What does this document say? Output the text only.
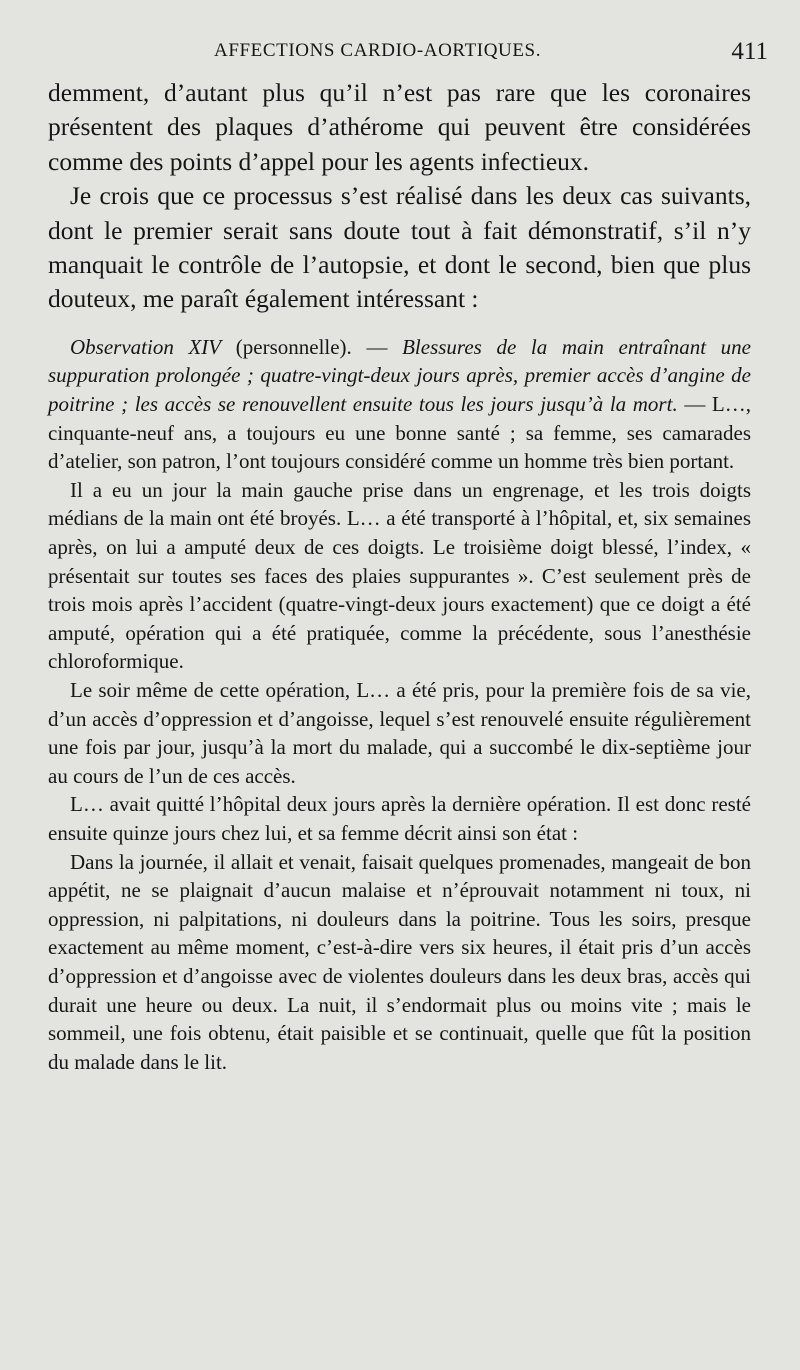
AFFECTIONS CARDIO-AORTIQUES.	411

demment, d’autant plus qu’il n’est pas rare que les coronaires présentent des plaques d’athérome qui peuvent être considérées comme des points d’appel pour les agents infectieux.

Je crois que ce processus s’est réalisé dans les deux cas suivants, dont le premier serait sans doute tout à fait démonstratif, s’il n’y manquait le contrôle de l’autopsie, et dont le second, bien que plus douteux, me paraît également intéressant :

Observation XIV (personnelle). — Blessures de la main entraînant une suppuration prolongée ; quatre-vingt-deux jours après, premier accès d’angine de poitrine ; les accès se renouvellent ensuite tous les jours jusqu’à la mort. — L…, cinquante-neuf ans, a toujours eu une bonne santé ; sa femme, ses camarades d’atelier, son patron, l’ont toujours considéré comme un homme très bien portant.

Il a eu un jour la main gauche prise dans un engrenage, et les trois doigts médians de la main ont été broyés. L… a été transporté à l’hôpital, et, six semaines après, on lui a amputé deux de ces doigts. Le troisième doigt blessé, l’index, « présentait sur toutes ses faces des plaies suppurantes ». C’est seulement près de trois mois après l’accident (quatre-vingt-deux jours exactement) que ce doigt a été amputé, opération qui a été pratiquée, comme la précédente, sous l’anesthésie chloroformique.

Le soir même de cette opération, L… a été pris, pour la première fois de sa vie, d’un accès d’oppression et d’angoisse, lequel s’est renouvelé ensuite régulièrement une fois par jour, jusqu’à la mort du malade, qui a succombé le dix-septième jour au cours de l’un de ces accès.

L… avait quitté l’hôpital deux jours après la dernière opération. Il est donc resté ensuite quinze jours chez lui, et sa femme décrit ainsi son état :

Dans la journée, il allait et venait, faisait quelques promenades, mangeait de bon appétit, ne se plaignait d’aucun malaise et n’éprouvait notamment ni toux, ni oppression, ni palpitations, ni douleurs dans la poitrine. Tous les soirs, presque exactement au même moment, c’est-à-dire vers six heures, il était pris d’un accès d’oppression et d’angoisse avec de violentes douleurs dans les deux bras, accès qui durait une heure ou deux. La nuit, il s’endormait plus ou moins vite ; mais le sommeil, une fois obtenu, était paisible et se continuait, quelle que fût la position du malade dans le lit.
